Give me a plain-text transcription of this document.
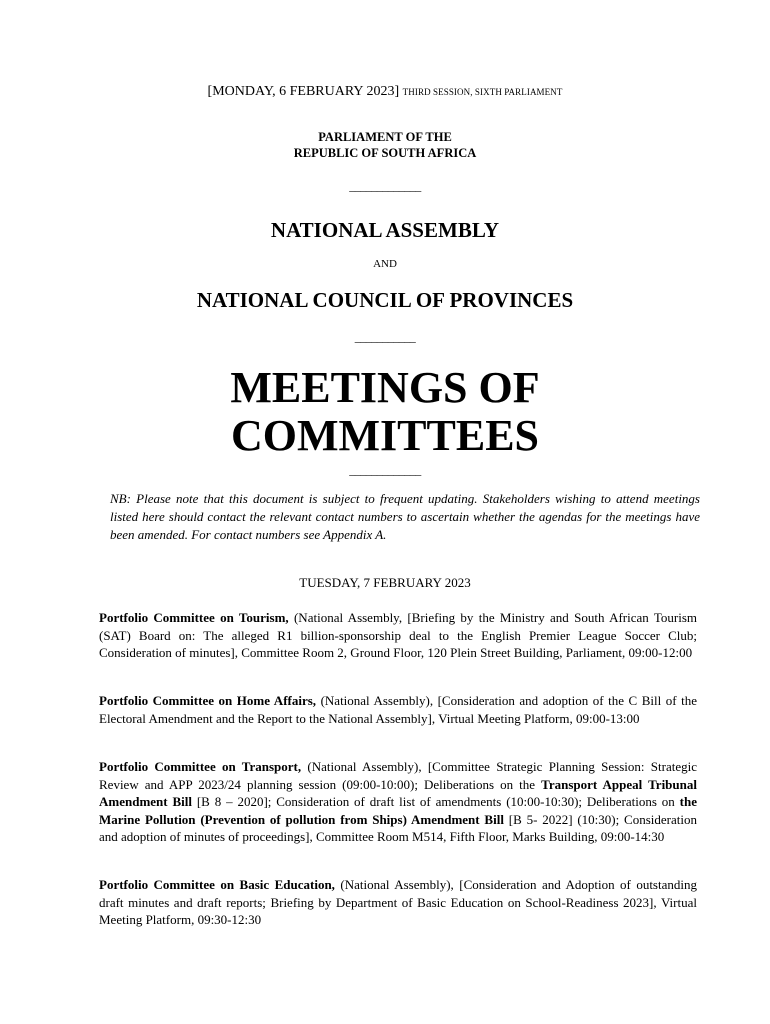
[MONDAY, 6 FEBRUARY 2023] THIRD SESSION, SIXTH PARLIAMENT
PARLIAMENT OF THE
REPUBLIC OF SOUTH AFRICA
_____________
NATIONAL ASSEMBLY
AND
NATIONAL COUNCIL OF PROVINCES
___________
MEETINGS OF
COMMITTEES
_____________
NB: Please note that this document is subject to frequent updating. Stakeholders wishing to attend meetings listed here should contact the relevant contact numbers to ascertain whether the agendas for the meetings have been amended. For contact numbers see Appendix A.
TUESDAY, 7 FEBRUARY 2023
Portfolio Committee on Tourism, (National Assembly, [Briefing by the Ministry and South African Tourism (SAT) Board on: The alleged R1 billion-sponsorship deal to the English Premier League Soccer Club; Consideration of minutes], Committee Room 2, Ground Floor, 120 Plein Street Building, Parliament, 09:00-12:00
Portfolio Committee on Home Affairs, (National Assembly), [Consideration and adoption of the C Bill of the Electoral Amendment and the Report to the National Assembly], Virtual Meeting Platform, 09:00-13:00
Portfolio Committee on Transport, (National Assembly), [Committee Strategic Planning Session: Strategic Review and APP 2023/24 planning session (09:00-10:00); Deliberations on the Transport Appeal Tribunal Amendment Bill [B 8 – 2020]; Consideration of draft list of amendments (10:00-10:30); Deliberations on the Marine Pollution (Prevention of pollution from Ships) Amendment Bill [B 5- 2022] (10:30); Consideration and adoption of minutes of proceedings], Committee Room M514, Fifth Floor, Marks Building, 09:00-14:30
Portfolio Committee on Basic Education, (National Assembly), [Consideration and Adoption of outstanding draft minutes and draft reports; Briefing by Department of Basic Education on School-Readiness 2023], Virtual Meeting Platform, 09:30-12:30
